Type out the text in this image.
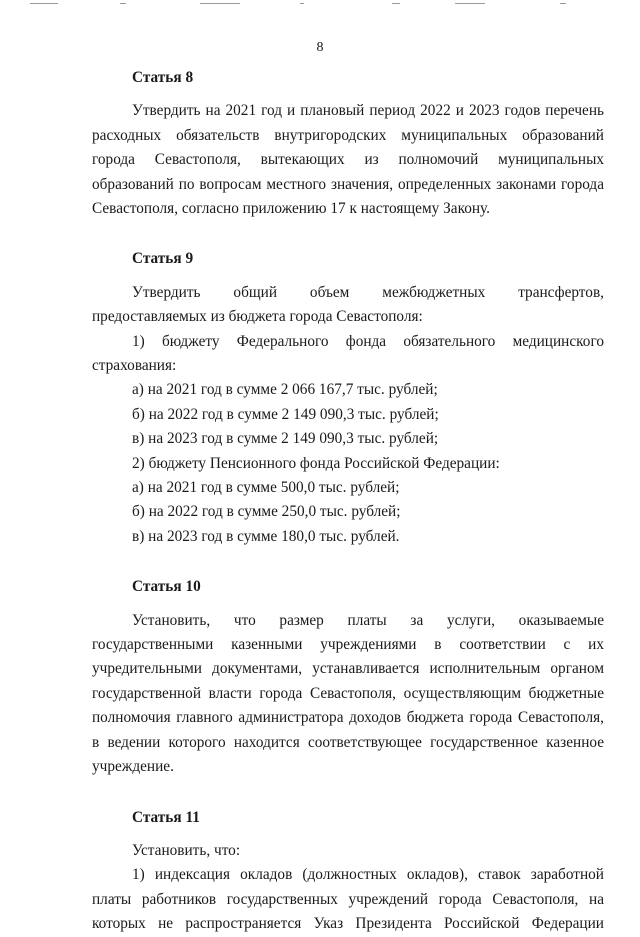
8
Статья 8

Утвердить на 2021 год и плановый период 2022 и 2023 годов перечень расходных обязательств внутригородских муниципальных образований города Севастополя, вытекающих из полномочий муниципальных образований по вопросам местного значения, определенных законами города Севастополя, согласно приложению 17 к настоящему Закону.

Статья 9

Утвердить общий объем межбюджетных трансфертов, предоставляемых из бюджета города Севастополя:

1) бюджету Федерального фонда обязательного медицинского страхования:

а) на 2021 год в сумме 2 066 167,7 тыс. рублей;

б) на 2022 год в сумме 2 149 090,3 тыс. рублей;

в) на 2023 год в сумме 2 149 090,3 тыс. рублей;

2) бюджету Пенсионного фонда Российской Федерации:

а) на 2021 год в сумме 500,0 тыс. рублей;

б) на 2022 год в сумме 250,0 тыс. рублей;

в) на 2023 год в сумме 180,0 тыс. рублей.

Статья 10

Установить, что размер платы за услуги, оказываемые государственными казенными учреждениями в соответствии с их учредительными документами, устанавливается исполнительным органом государственной власти города Севастополя, осуществляющим бюджетные полномочия главного администратора доходов бюджета города Севастополя, в ведении которого находится соответствующее государственное казенное учреждение.

Статья 11

Установить, что:

1) индексация окладов (должностных окладов), ставок заработной платы работников государственных учреждений города Севастополя, на которых не распространяется Указ Президента Российской Федерации
